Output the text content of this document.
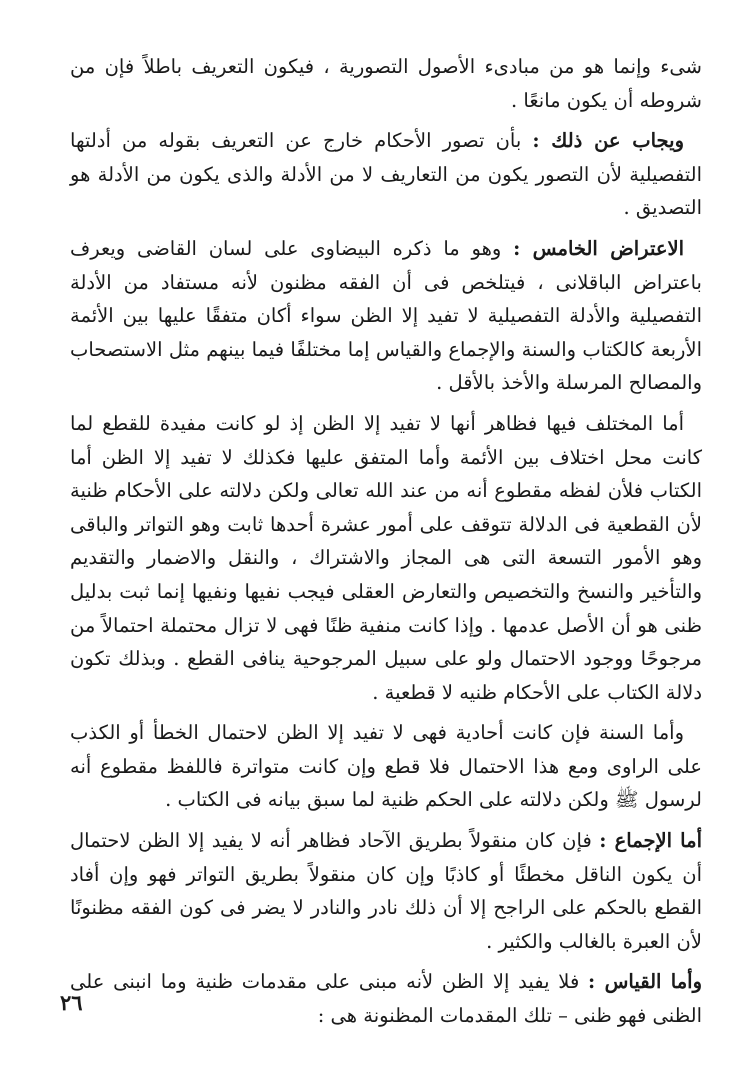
شىء وإنما هو من مبادىء الأصول التصورية ، فيكون التعريف باطلاً فإن من شروطه أن يكون مانعًا .

ويجاب عن ذلك : بأن تصور الأحكام خارج عن التعريف بقوله من أدلتها التفصيلية لأن التصور يكون من التعاريف لا من الأدلة والذى يكون من الأدلة هو التصديق .

الاعتراض الخامس : وهو ما ذكره البيضاوى على لسان القاضى ويعرف باعتراض الباقلانى ، فيتلخص فى أن الفقه مظنون لأنه مستفاد من الأدلة التفصيلية والأدلة التفصيلية لا تفيد إلا الظن سواء أكان متفقًا عليها بين الأئمة الأربعة كالكتاب والسنة والإجماع والقياس إما مختلفًا فيما بينهم مثل الاستصحاب والمصالح المرسلة والأخذ بالأقل .

أما المختلف فيها فظاهر أنها لا تفيد إلا الظن إذ لو كانت مفيدة للقطع لما كانت محل اختلاف بين الأئمة وأما المتفق عليها فكذلك لا تفيد إلا الظن أما الكتاب فلأن لفظه مقطوع أنه من عند الله تعالى ولكن دلالته على الأحكام ظنية لأن القطعية فى الدلالة تتوقف على أمور عشرة أحدها ثابت وهو التواتر والباقى وهو الأمور التسعة التى هى المجاز والاشتراك ، والنقل والاضمار والتقديم والتأخير والنسخ والتخصيص والتعارض العقلى فيجب نفيها ونفيها إنما ثبت بدليل ظنى هو أن الأصل عدمها . وإذا كانت منفية ظنًا فهى لا تزال محتملة احتمالاً من مرجوحًا ووجود الاحتمال ولو على سبيل المرجوحية ينافى القطع . وبذلك تكون دلالة الكتاب على الأحكام ظنيه لا قطعية .

وأما السنة فإن كانت أحادية فهى لا تفيد إلا الظن لاحتمال الخطأ أو الكذب على الراوى ومع هذا الاحتمال فلا قطع وإن كانت متواترة فاللفظ مقطوع أنه لرسول ﷺ ولكن دلالته على الحكم ظنية لما سبق بيانه فى الكتاب .

أما الإجماع : فإن كان منقولاً بطريق الآحاد فظاهر أنه لا يفيد إلا الظن لاحتمال أن يكون الناقل مخطئًا أو كاذبًا وإن كان منقولاً بطريق التواتر فهو وإن أفاد القطع بالحكم على الراجح إلا أن ذلك نادر والنادر لا يضر فى كون الفقه مظنونًا لأن العبرة بالغالب والكثير .

وأما القياس : فلا يفيد إلا الظن لأنه مبنى على مقدمات ظنية وما انبنى على الظنى فهو ظنى – تلك المقدمات المظنونة هى :

٢٦
